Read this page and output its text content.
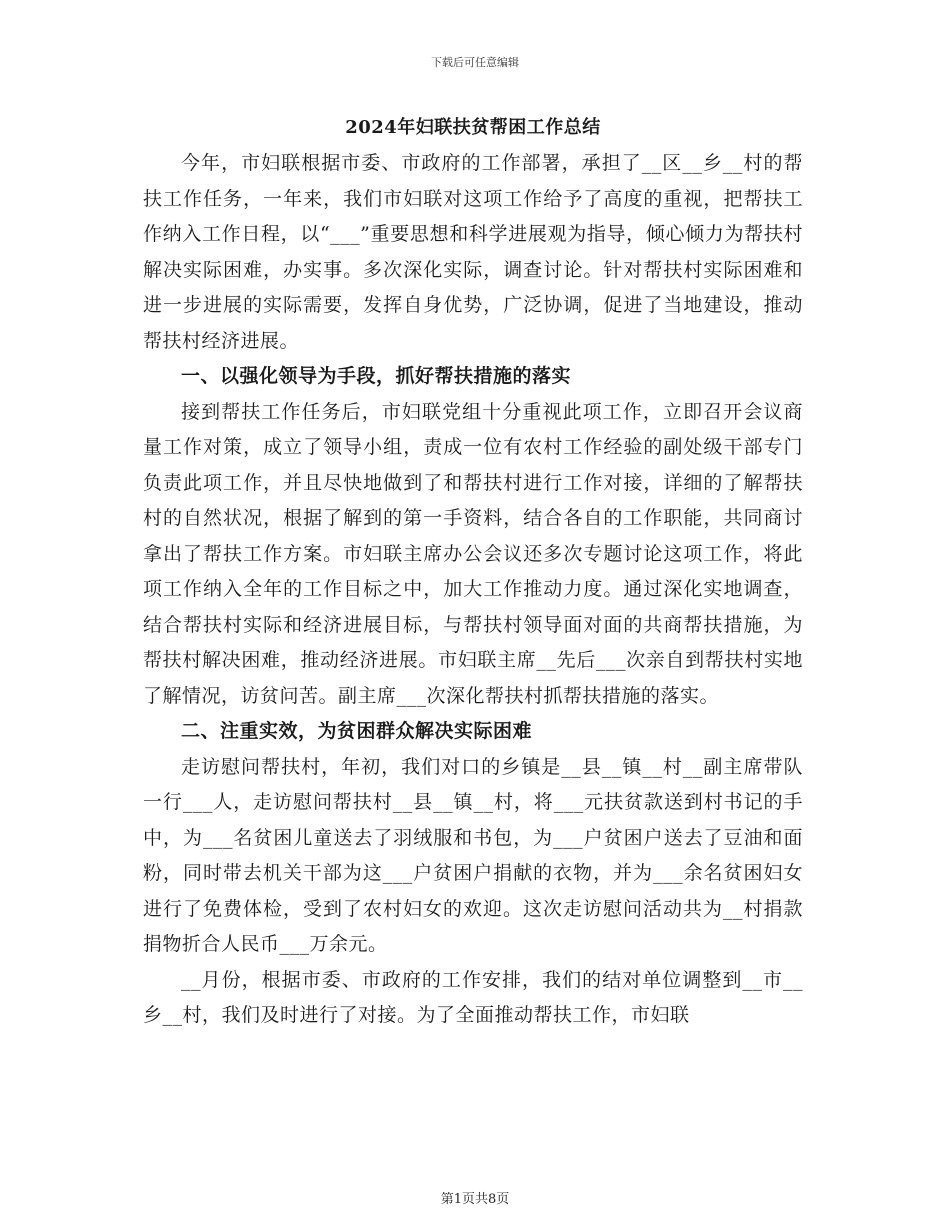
下载后可任意编辑
2024年妇联扶贫帮困工作总结

今年，市妇联根据市委、市政府的工作部署，承担了__区__乡__村的帮扶工作任务，一年来，我们市妇联对这项工作给予了高度的重视，把帮扶工作纳入工作日程，以“___”重要思想和科学进展观为指导，倾心倾力为帮扶村解决实际困难，办实事。多次深化实际，调查讨论。针对帮扶村实际困难和进一步进展的实际需要，发挥自身优势，广泛协调，促进了当地建设，推动帮扶村经济进展。

一、以强化领导为手段，抓好帮扶措施的落实

接到帮扶工作任务后，市妇联党组十分重视此项工作，立即召开会议商量工作对策，成立了领导小组，责成一位有农村工作经验的副处级干部专门负责此项工作，并且尽快地做到了和帮扶村进行工作对接，详细的了解帮扶村的自然状况，根据了解到的第一手资料，结合各自的工作职能，共同商讨拿出了帮扶工作方案。市妇联主席办公会议还多次专题讨论这项工作，将此项工作纳入全年的工作目标之中，加大工作推动力度。通过深化实地调查，结合帮扶村实际和经济进展目标，与帮扶村领导面对面的共商帮扶措施，为帮扶村解决困难，推动经济进展。市妇联主席__先后___次亲自到帮扶村实地了解情况，访贫问苦。副主席___次深化帮扶村抓帮扶措施的落实。

二、注重实效，为贫困群众解决实际困难

走访慰问帮扶村，年初，我们对口的乡镇是__县__镇__村__副主席带队一行___人，走访慰问帮扶村__县__镇__村，将___元扶贫款送到村书记的手中，为___名贫困儿童送去了羽绒服和书包，为___户贫困户送去了豆油和面粉，同时带去机关干部为这___户贫困户捐献的衣物，并为___余名贫困妇女进行了免费体检，受到了农村妇女的欢迎。这次走访慰问活动共为__村捐款捐物折合人民币___万余元。

__月份，根据市委、市政府的工作安排，我们的结对单位调整到__市__乡__村，我们及时进行了对接。为了全面推动帮扶工作，市妇联

第1页共8页
